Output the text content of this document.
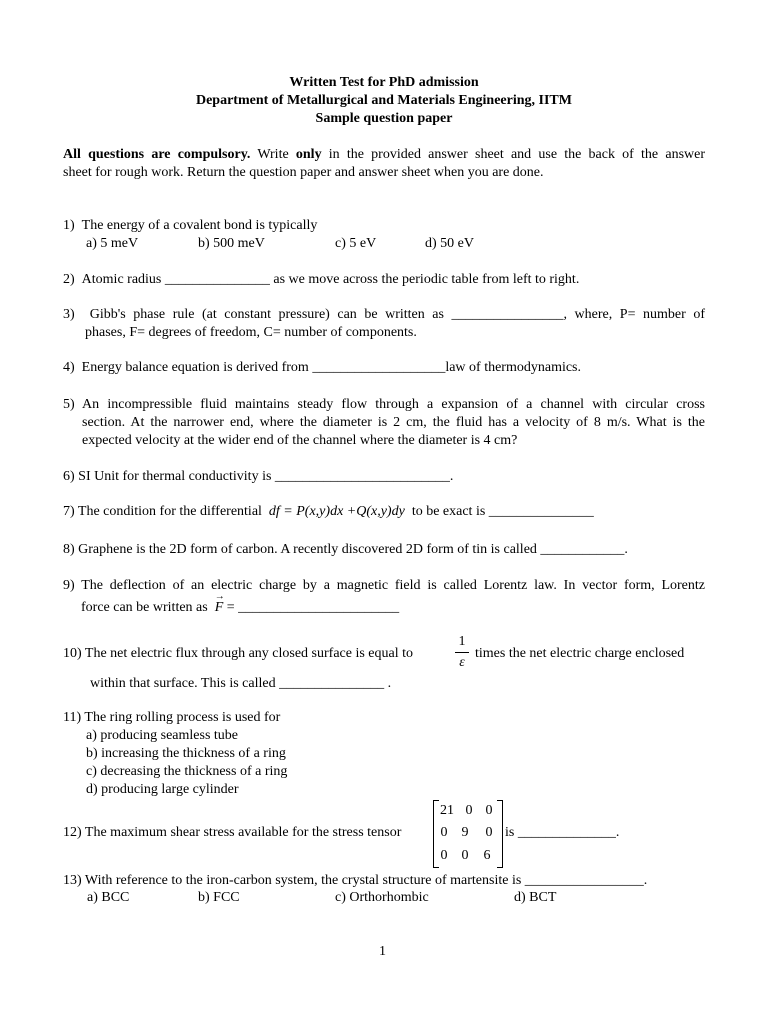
Written Test for PhD admission
Department of Metallurgical and Materials Engineering, IITM
Sample question paper
All questions are compulsory. Write only in the provided answer sheet and use the back of the answer
sheet for rough work. Return the question paper and answer sheet when you are done.
1)  The energy of a covalent bond is typically
a) 5 meV	b) 500 meV	c) 5 eV	d) 50 eV
2)  Atomic radius _______________ as we move across the periodic table from left to right.
3)  Gibb's phase rule (at constant pressure) can be written as ________________, where, P= number of
phases, F= degrees of freedom, C= number of components.
4)  Energy balance equation is derived from ___________________law of thermodynamics.
5) An incompressible fluid maintains steady flow through a expansion of a channel with circular cross
section. At the narrower end, where the diameter is 2 cm, the fluid has a velocity of 8 m/s. What is the
expected velocity at the wider end of the channel where the diameter is 4 cm?
6) SI Unit for thermal conductivity is _________________________.
7) The condition for the differential df = P(x,y)dx +Q(x,y)dy to be exact is _______________
8) Graphene is the 2D form of carbon. A recently discovered 2D form of tin is called ____________.
9) The deflection of an electric charge by a magnetic field is called Lorentz law. In vector form, Lorentz
force can be written as  → F = _______________________
10) The net electric flux through any closed surface is equal to
1
ε
times the net electric charge enclosed
within that surface. This is called _______________ .
11) The ring rolling process is used for
a) producing seamless tube
b) increasing the thickness of a ring
c) decreasing the thickness of a ring
d) producing large cylinder
12) The maximum shear stress available for the stress tensor
21 0 0
0	9	0
0	0	6
is ______________.
13) With reference to the iron-carbon system, the crystal structure of martensite is _________________.
a) BCC	b) FCC	c) Orthorhombic	d) BCT
1
